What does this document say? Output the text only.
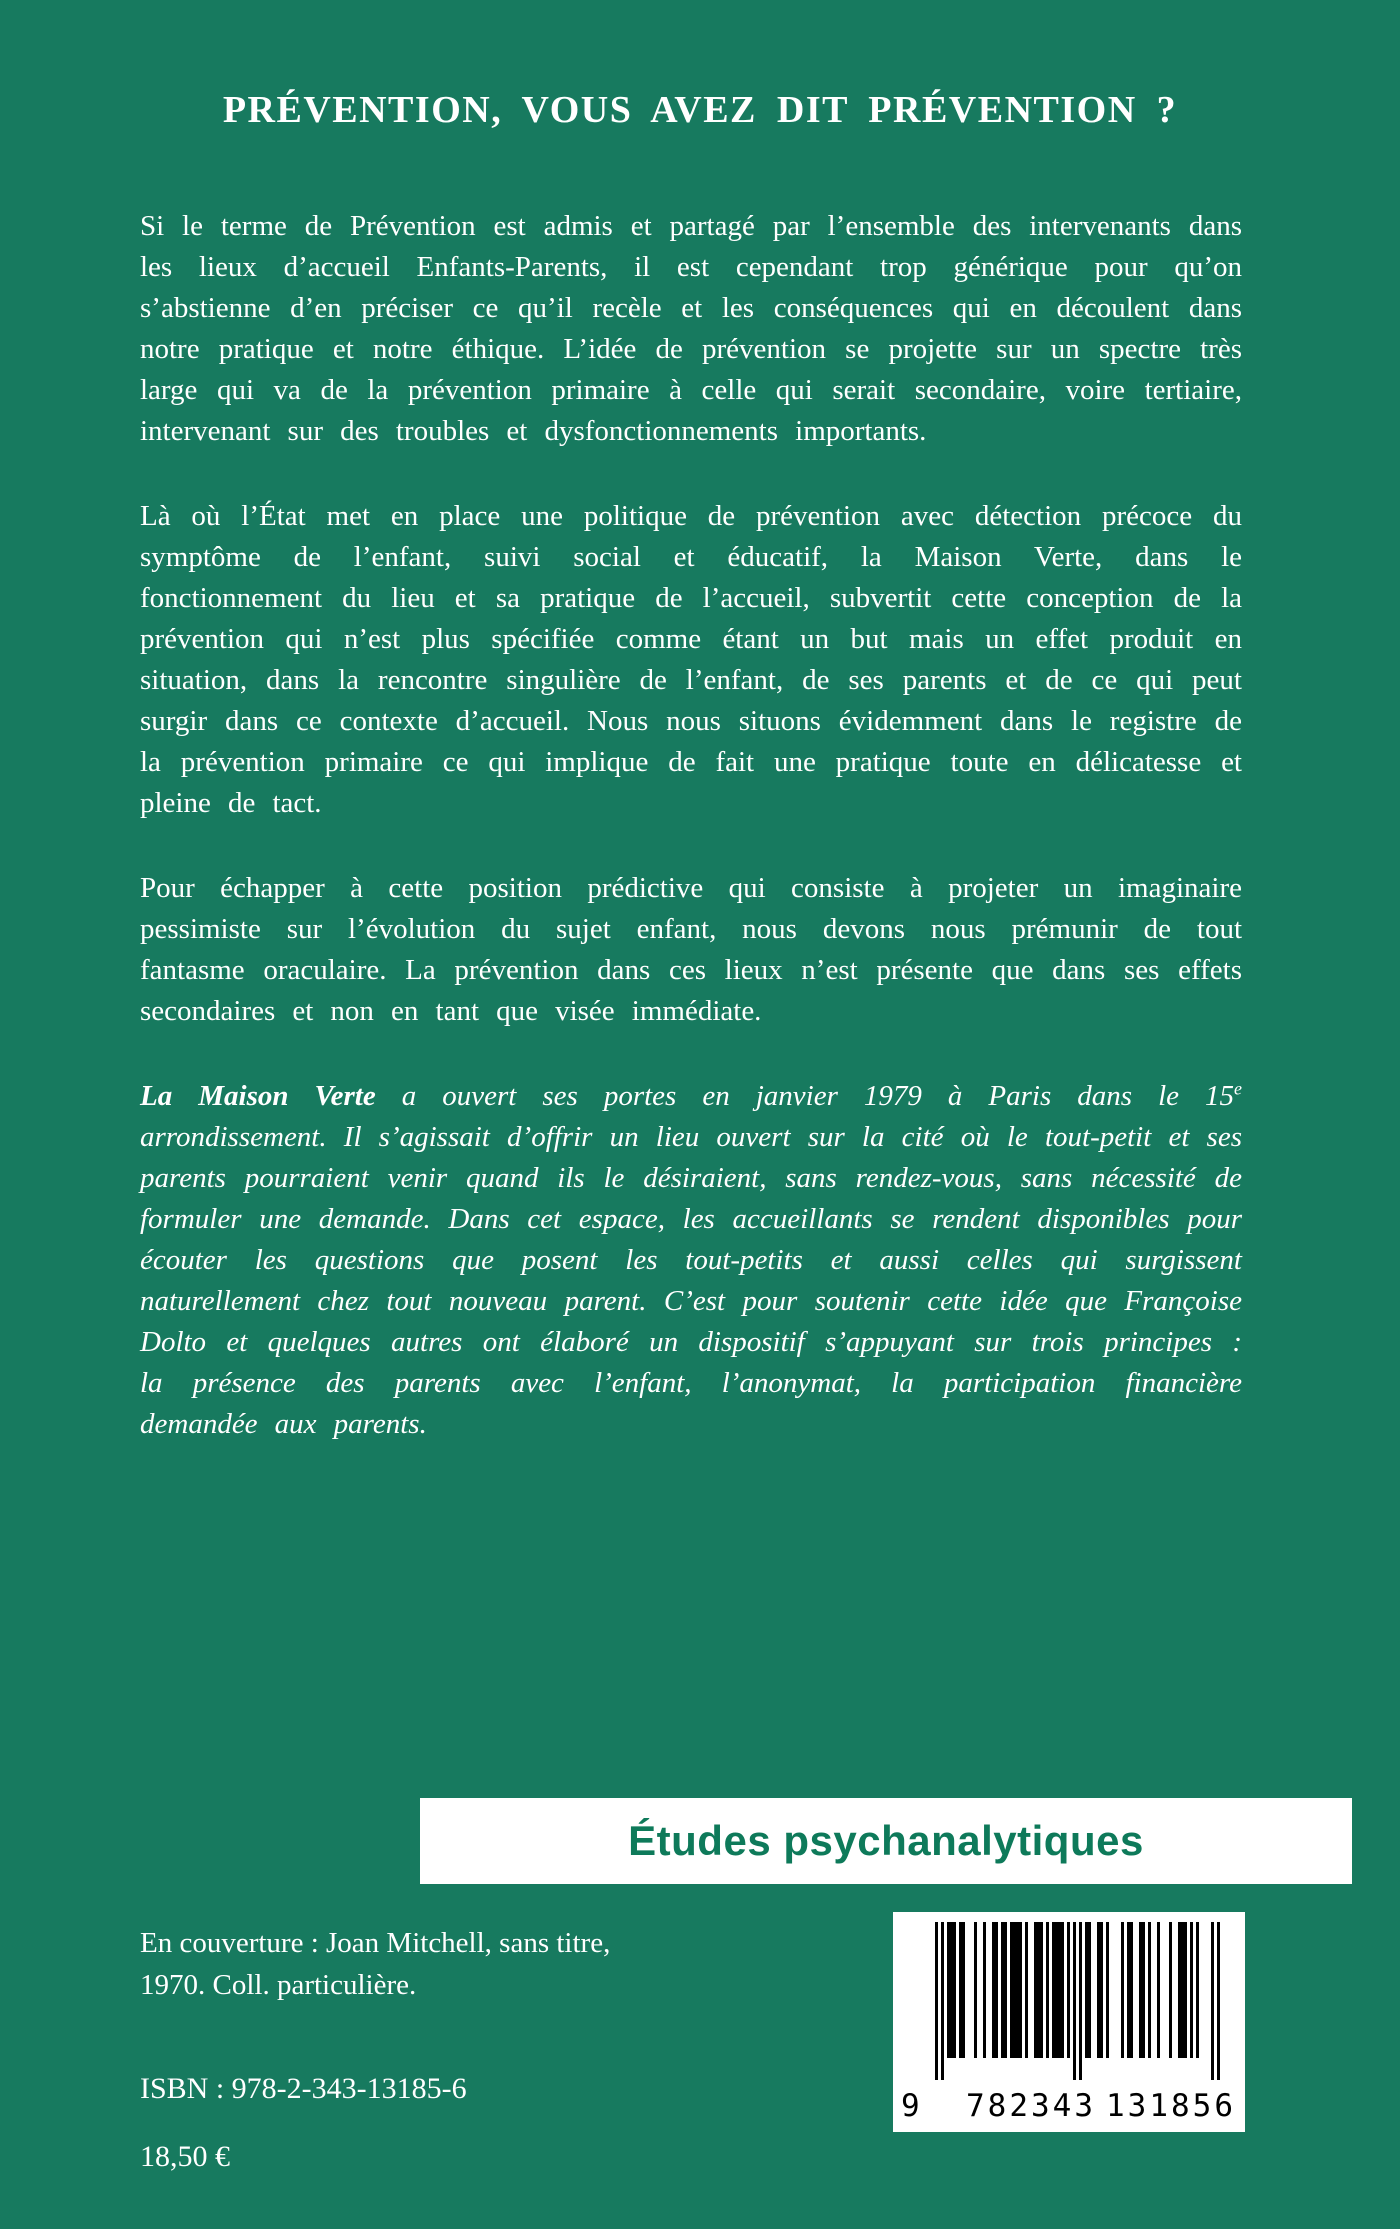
PRÉVENTION, VOUS AVEZ DIT PRÉVENTION ?

Si le terme de Prévention est admis et partagé par l’ensemble des intervenants dans les lieux d’accueil Enfants-Parents, il est cependant trop générique pour qu’on s’abstienne d’en préciser ce qu’il recèle et les conséquences qui en découlent dans notre pratique et notre éthique. L’idée de prévention se projette sur un spectre très large qui va de la prévention primaire à celle qui serait secondaire, voire tertiaire, intervenant sur des troubles et dysfonctionnements importants.

Là où l’État met en place une politique de prévention avec détection précoce du symptôme de l’enfant, suivi social et éducatif, la Maison Verte, dans le fonctionnement du lieu et sa pratique de l’accueil, subvertit cette conception de la prévention qui n’est plus spécifiée comme étant un but mais un effet produit en situation, dans la rencontre singulière de l’enfant, de ses parents et de ce qui peut surgir dans ce contexte d’accueil. Nous nous situons évidemment dans le registre de la prévention primaire ce qui implique de fait une pratique toute en délicatesse et pleine de tact.

Pour échapper à cette position prédictive qui consiste à projeter un imaginaire pessimiste sur l’évolution du sujet enfant, nous devons nous prémunir de tout fantasme oraculaire. La prévention dans ces lieux n’est présente que dans ses effets secondaires et non en tant que visée immédiate.

La Maison Verte a ouvert ses portes en janvier 1979 à Paris dans le 15e arrondissement. Il s’agissait d’offrir un lieu ouvert sur la cité où le tout-petit et ses parents pourraient venir quand ils le désiraient, sans rendez-vous, sans nécessité de formuler une demande. Dans cet espace, les accueillants se rendent disponibles pour écouter les questions que posent les tout-petits et aussi celles qui surgissent naturellement chez tout nouveau parent. C’est pour soutenir cette idée que Françoise Dolto et quelques autres ont élaboré un dispositif s’appuyant sur trois principes : la présence des parents avec l’enfant, l’anonymat, la participation financière demandée aux parents.

Études psychanalytiques
En couverture : Joan Mitchell, sans titre,
1970. Coll. particulière.
ISBN : 978-2-343-13185-6
18,50 €
9 782343 131856
